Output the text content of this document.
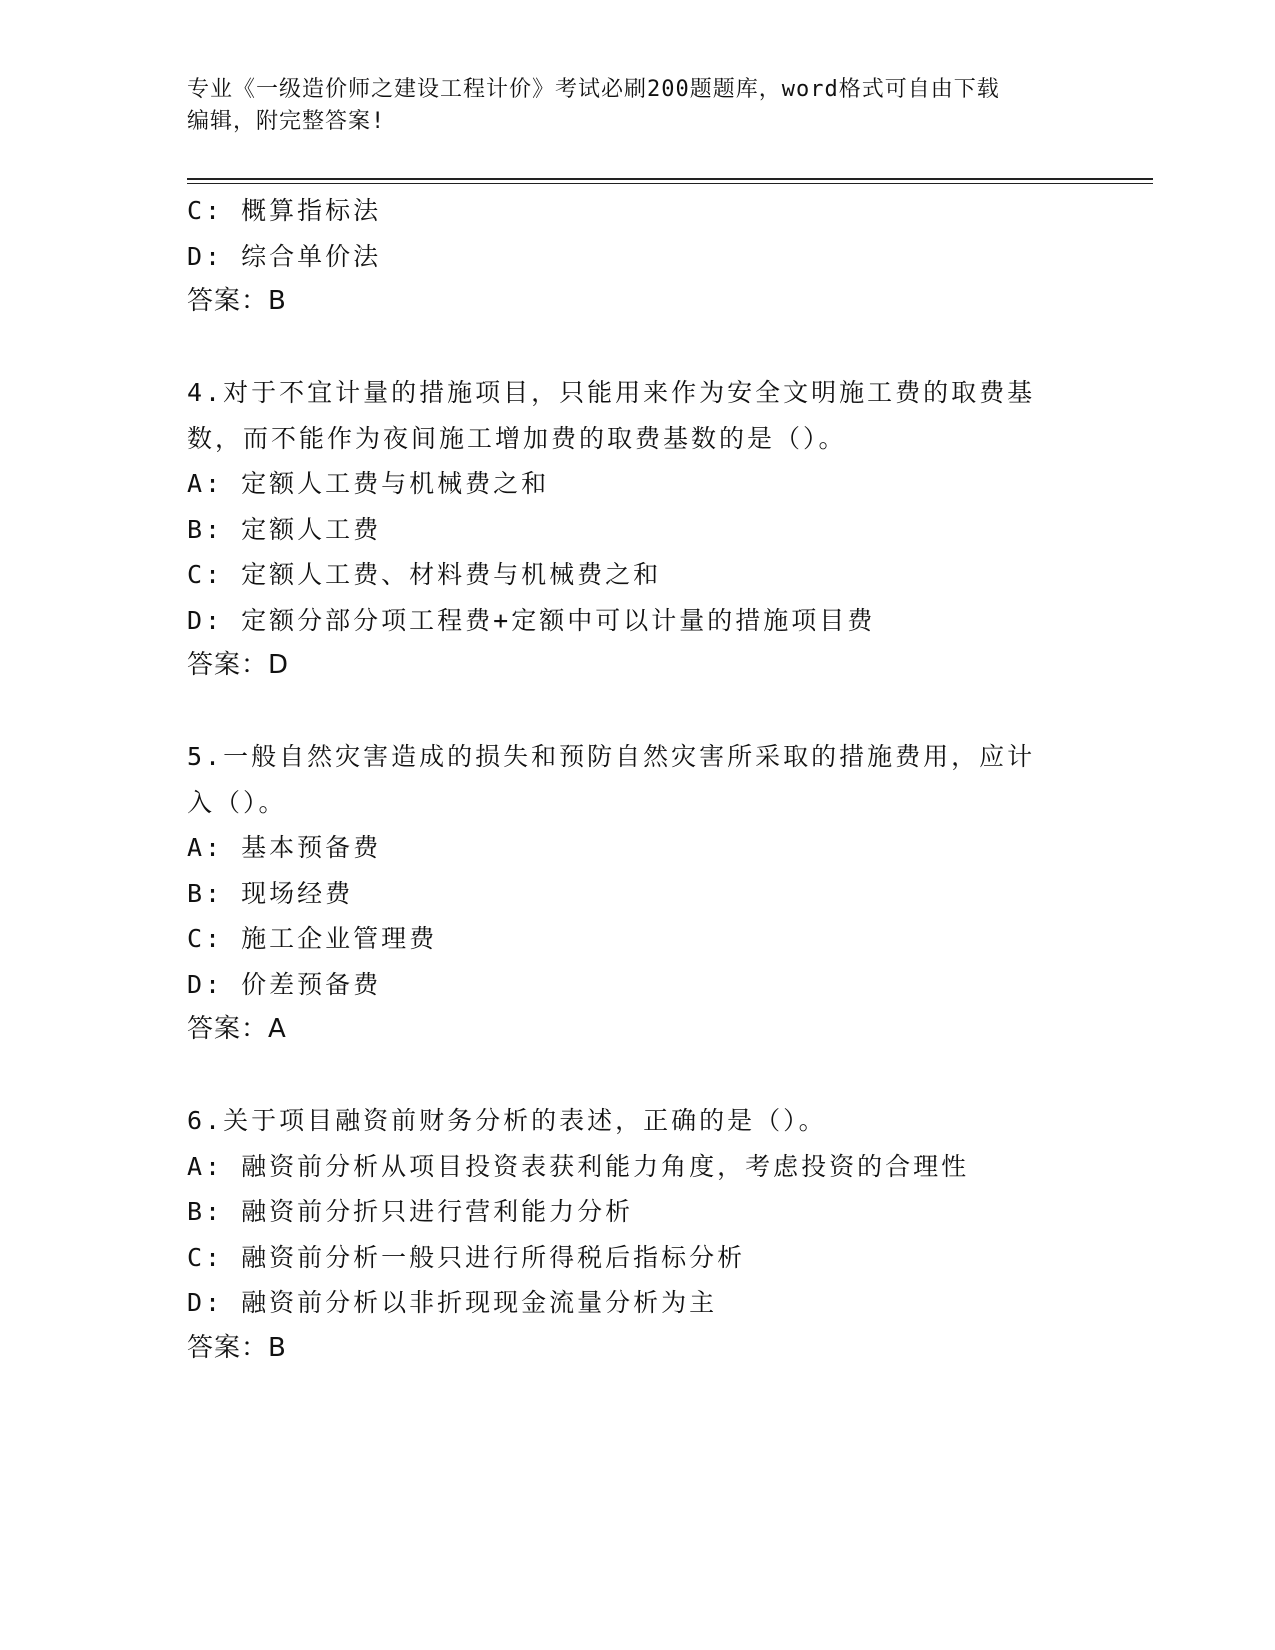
专业《一级造价师之建设工程计价》考试必刷200题题库，word格式可自由下载
编辑，附完整答案!
C: 概算指标法
D: 综合单价法
答案：B
4.对于不宜计量的措施项目，只能用来作为安全文明施工费的取费基
数，而不能作为夜间施工增加费的取费基数的是（）。
A: 定额人工费与机械费之和
B: 定额人工费
C: 定额人工费、材料费与机械费之和
D: 定额分部分项工程费+定额中可以计量的措施项目费
答案：D
5.一般自然灾害造成的损失和预防自然灾害所采取的措施费用，应计
入（）。
A: 基本预备费
B: 现场经费
C: 施工企业管理费
D: 价差预备费
答案：A
6.关于项目融资前财务分析的表述，正确的是（）。
A: 融资前分析从项目投资表获利能力角度，考虑投资的合理性
B: 融资前分折只进行营利能力分析
C: 融资前分析一般只进行所得税后指标分析
D: 融资前分析以非折现现金流量分析为主
答案：B
